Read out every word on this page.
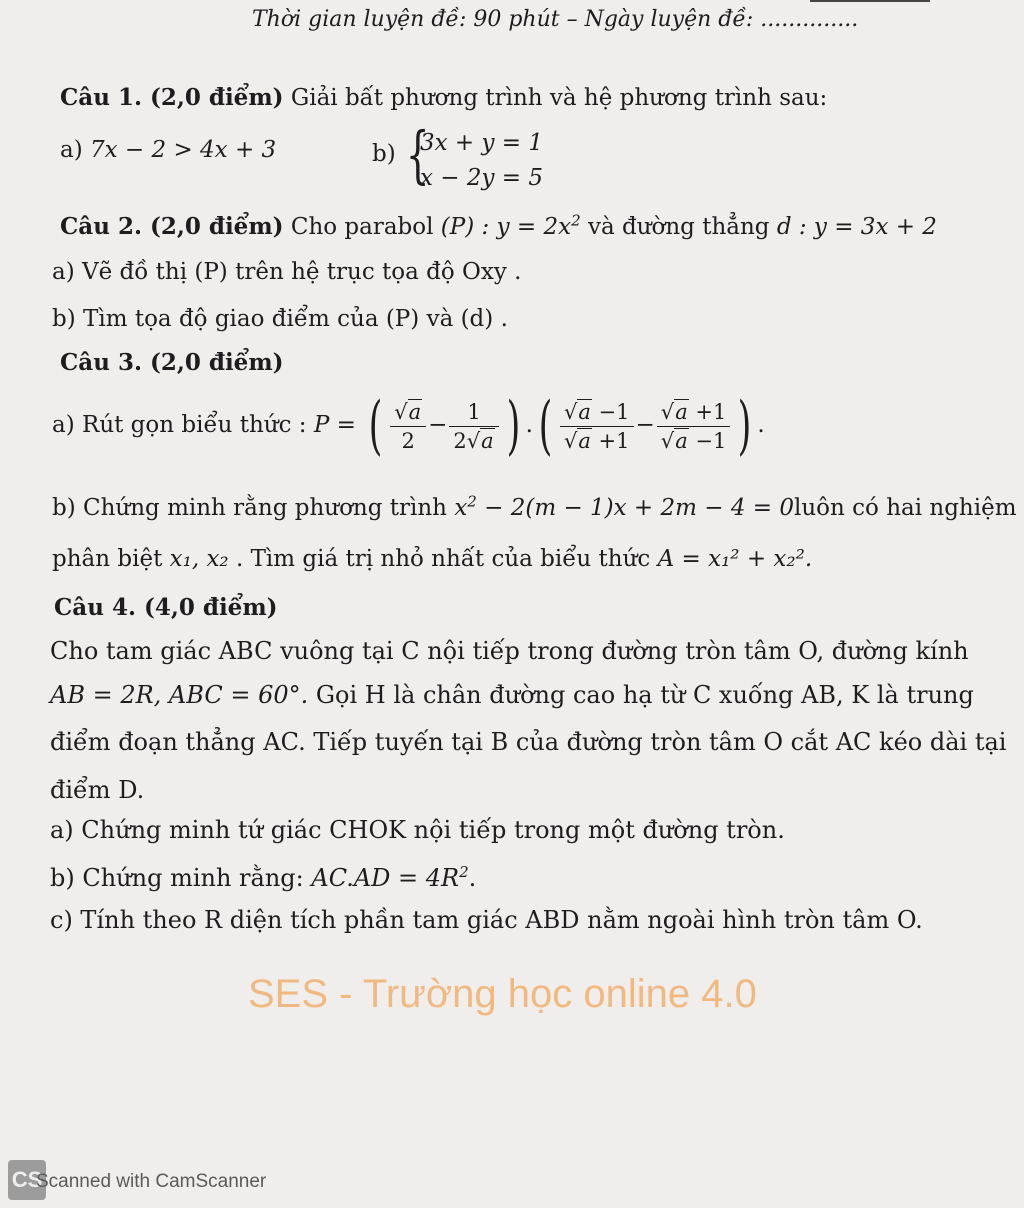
Thời gian luyện đề: 90 phút – Ngày luyện đề: ..............
Câu 1. (2,0 điểm) Giải bất phương trình và hệ phương trình sau:
a) 7x − 2 > 4x + 3	b) {
3x + y = 1
x − 2y = 5
Câu 2. (2,0 điểm) Cho parabol (P) : $y = 2x^2$ và đường thẳng d : y = 3x + 2
a) Vẽ đồ thị (P) trên hệ trục tọa độ Oxy .
b) Tìm tọa độ giao điểm của (P) và (d) .
Câu 3. (2,0 điểm)
a) Rút gọn biểu thức : P = ( $\frac{√a}{2} - \frac{1}{2√a}$ ) .( $\frac{√a -1}{√a +1} - \frac{√a +1}{√a -1}$ ) .
b) Chứng minh rằng phương trình $x^2 - 2(m - 1)x + 2m - 4$ = 0luôn có hai nghiệm
phân biệt x₁, x₂ . Tìm giá trị nhỏ nhất của biểu thức A = x₁² + x₂².
Câu 4. (4,0 điểm)
Cho tam giác ABC vuông tại C nội tiếp trong đường tròn tâm O, đường kính
AB = 2R, ABC = 60°. Gọi H là chân đường cao hạ từ C xuống AB, K là trung
điểm đoạn thẳng AC. Tiếp tuyến tại B của đường tròn tâm O cắt AC kéo dài tại
điểm D.
a) Chứng minh tứ giác CHOK nội tiếp trong một đường tròn.
b) Chứng minh rằng: $AC.AD = 4R^2$.
c) Tính theo R diện tích phần tam giác ABD nằm ngoài hình tròn tâm O.
SES - Trường học online 4.0
CS
Scanned with CamScanner
